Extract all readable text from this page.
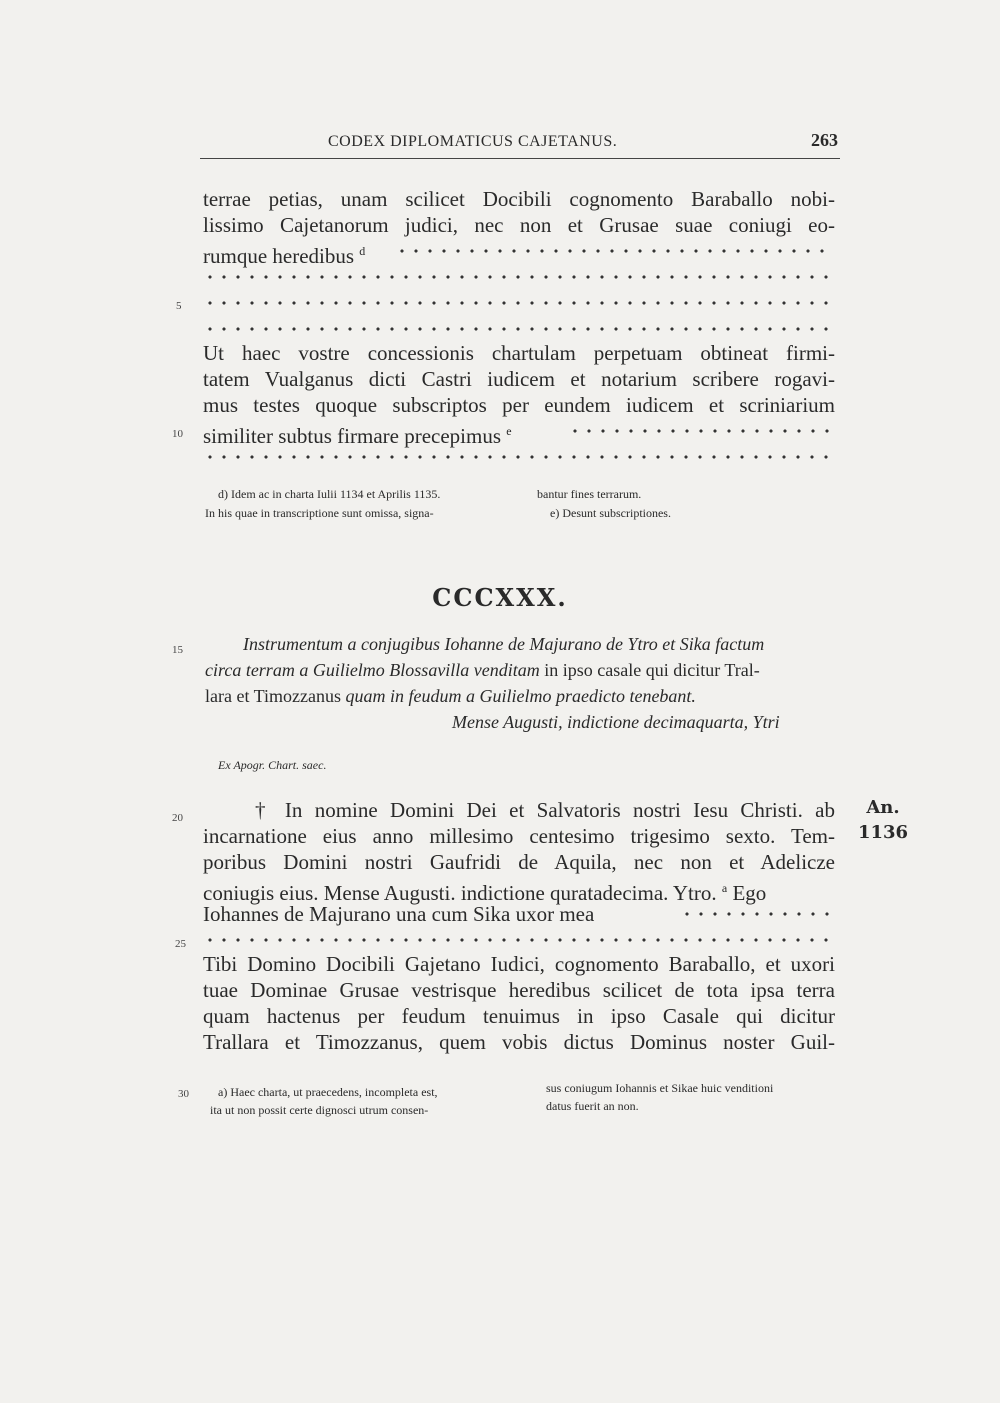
CODEX DIPLOMATICUS CAJETANUS.	263
terrae petias, unam scilicet Docibili cognomento Baraballo nobi-
lissimo Cajetanorum judici, nec non et Grusae suae coniugi eo-
rumque heredibus $^d$
Ut haec vostre concessionis chartulam perpetuam obtineat firmi-
tatem Vualganus dicti Castri iudicem et notarium scribere rogavi-
mus testes quoque subscriptos per eundem iudicem et scriniarium
similiter subtus firmare precepimus $^e$
d) Idem ac in charta Iulii 1134 et Aprilis 1135.
In his quae in transcriptione sunt omissa, signa-
bantur fines terrarum.
e) Desunt subscriptiones.
CCCXXX.
Instrumentum a conjugibus Iohanne de Majurano de Ytro et Sika factum
circa terram a Guilielmo Blossavilla venditam in ipso casale qui dicitur Tral-
lara et Timozzanus quam in feudum a Guilielmo praedicto tenebant.
Mense Augusti, indictione decimaquarta, Ytri
Ex Apogr. Chart. saec.
† In nomine Domini Dei et Salvatoris nostri Iesu Christi. ab
incarnatione eius anno millesimo centesimo trigesimo sexto. Tem-
poribus Domini nostri Gaufridi de Aquila, nec non et Adelicze
coniugis eius. Mense Augusti. indictione quratadecima. Ytro. $^a$ Ego
Iohannes de Majurano una cum Sika uxor mea
Tibi Domino Docibili Gajetano Iudici, cognomento Baraballo, et uxori
tuae Dominae Grusae vestrisque heredibus scilicet de tota ipsa terra
quam hactenus per feudum tenuimus in ipso Casale qui dicitur
Trallara et Timozzanus, quem vobis dictus Dominus noster Guil-
An.
1136
5
10
15
20
25
30	a) Haec charta, ut praecedens, incompleta est,
ita ut non possit certe dignosci utrum consen-
sus coniugum Iohannis et Sikae huic venditioni
datus fuerit an non.
